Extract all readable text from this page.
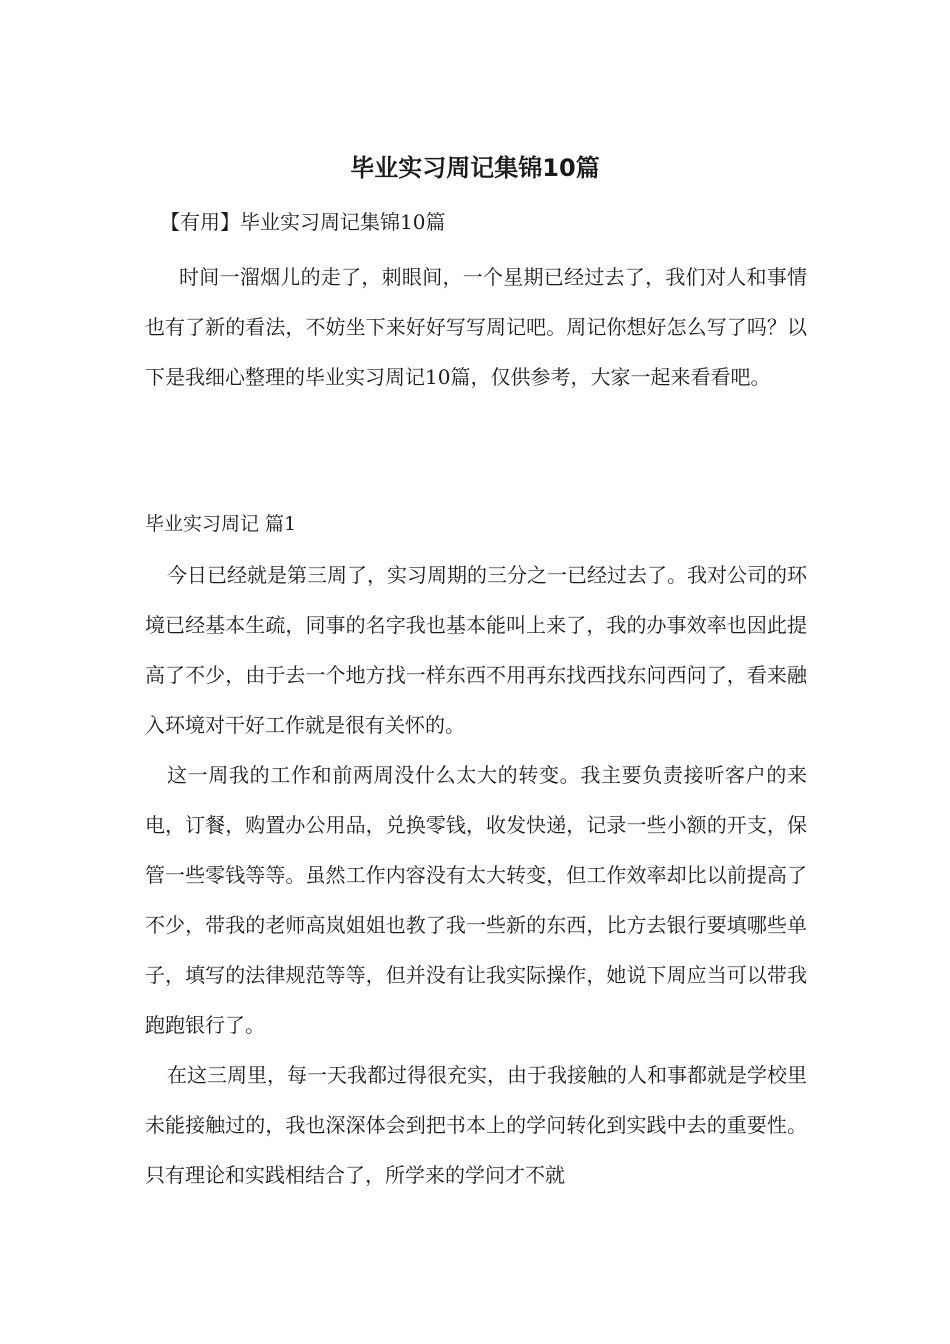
毕业实习周记集锦10篇

【有用】毕业实习周记集锦10篇

时间一溜烟儿的走了，刺眼间，一个星期已经过去了，我们对人和事情也有了新的看法，不妨坐下来好好写写周记吧。周记你想好怎么写了吗？以下是我细心整理的毕业实习周记10篇，仅供参考，大家一起来看看吧。

毕业实习周记 篇1

今日已经就是第三周了，实习周期的三分之一已经过去了。我对公司的环境已经基本生疏，同事的名字我也基本能叫上来了，我的办事效率也因此提高了不少，由于去一个地方找一样东西不用再东找西找东问西问了，看来融入环境对干好工作就是很有关怀的。

这一周我的工作和前两周没什么太大的转变。我主要负责接听客户的来电，订餐，购置办公用品，兑换零钱，收发快递，记录一些小额的开支，保管一些零钱等等。虽然工作内容没有太大转变，但工作效率却比以前提高了不少，带我的老师高岚姐姐也教了我一些新的东西，比方去银行要填哪些单子，填写的法律规范等等，但并没有让我实际操作，她说下周应当可以带我跑跑银行了。

在这三周里，每一天我都过得很充实，由于我接触的人和事都就是学校里未能接触过的，我也深深体会到把书本上的学问转化到实践中去的重要性。只有理论和实践相结合了，所学来的学问才不就
